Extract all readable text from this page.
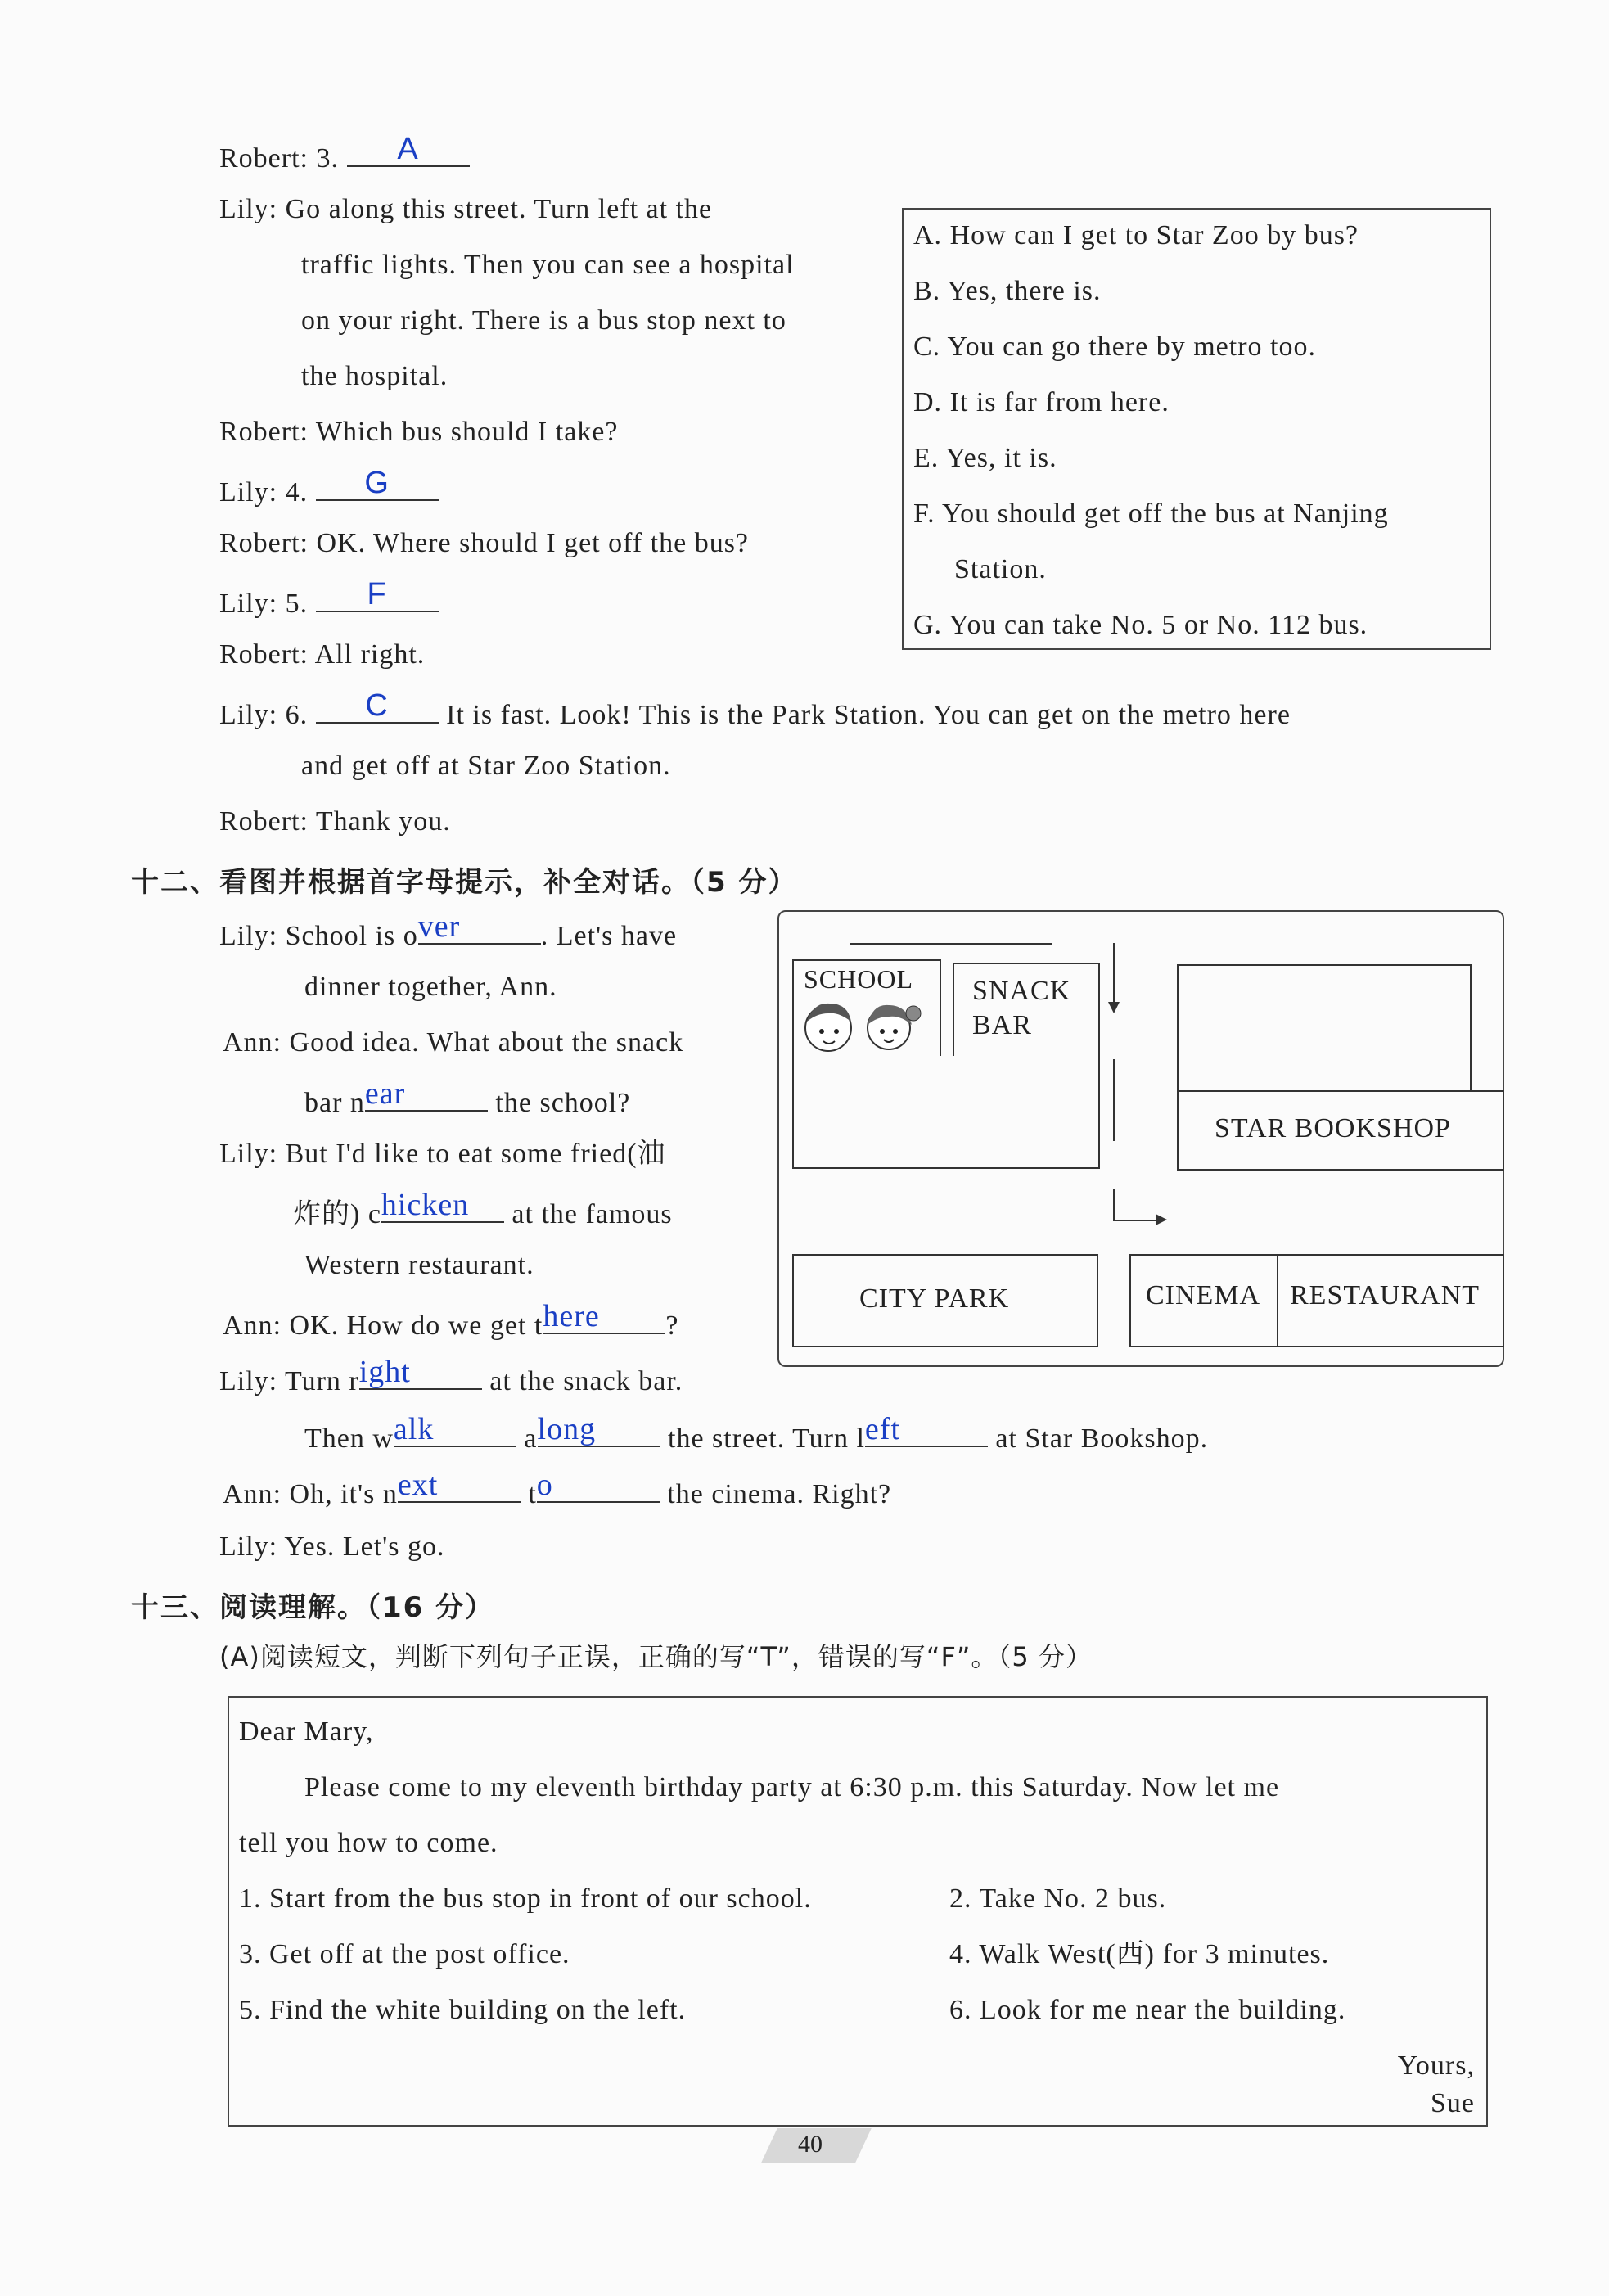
Robert: 3.	A
Lily: Go along this street. Turn left at the
traffic lights. Then you can see a hospital
on your right. There is a bus stop next to
the hospital.
Robert: Which bus should I take?
Lily: 4.	G
Robert: OK. Where should I get off the bus?
Lily: 5.	F
Robert: All right.
Lily: 6.	C	It is fast. Look! This is the Park Station. You can get on the metro here
and get off at Star Zoo Station.
Robert: Thank you.
A. How can I get to Star Zoo by bus?
B. Yes, there is.
C. You can go there by metro too.
D. It is far from here.
E. Yes, it is.
F. You should get off the bus at Nanjing
Station.
G. You can take No. 5 or No. 112 bus.
十二、看图并根据首字母提示，补全对话。（5 分）
Lily: School is o ver	. Let's have
dinner together, Ann.
Ann: Good idea. What about the snack
bar n ear	the school?
Lily: But I'd like to eat some fried(油
炸的) c hicken at the famous
Western restaurant.
Ann: OK. How do we get t here ?
Lily: Turn r ight	at the snack bar.
Then w alk	a long	the street. Turn l eft	at Star Bookshop.
Ann: Oh, it's n ext	t o	the cinema. Right?
Lily: Yes. Let's go.
SCHOOL SNACK
BAR
STAR BOOKSHOP
CITY PARK	CINEMA RESTAURANT
十三、阅读理解。（16 分）
(A)阅读短文，判断下列句子正误，正确的写“T”，错误的写“F”。（5 分）
Dear Mary,
Please come to my eleventh birthday party at 6:30 p.m. this Saturday. Now let me
tell you how to come.
1. Start from the bus stop in front of our school.	2. Take No. 2 bus.
3. Get off at the post office.	4. Walk West(西) for 3 minutes.
5. Find the white building on the left.	6. Look for me near the building.
Yours,
Sue
40
